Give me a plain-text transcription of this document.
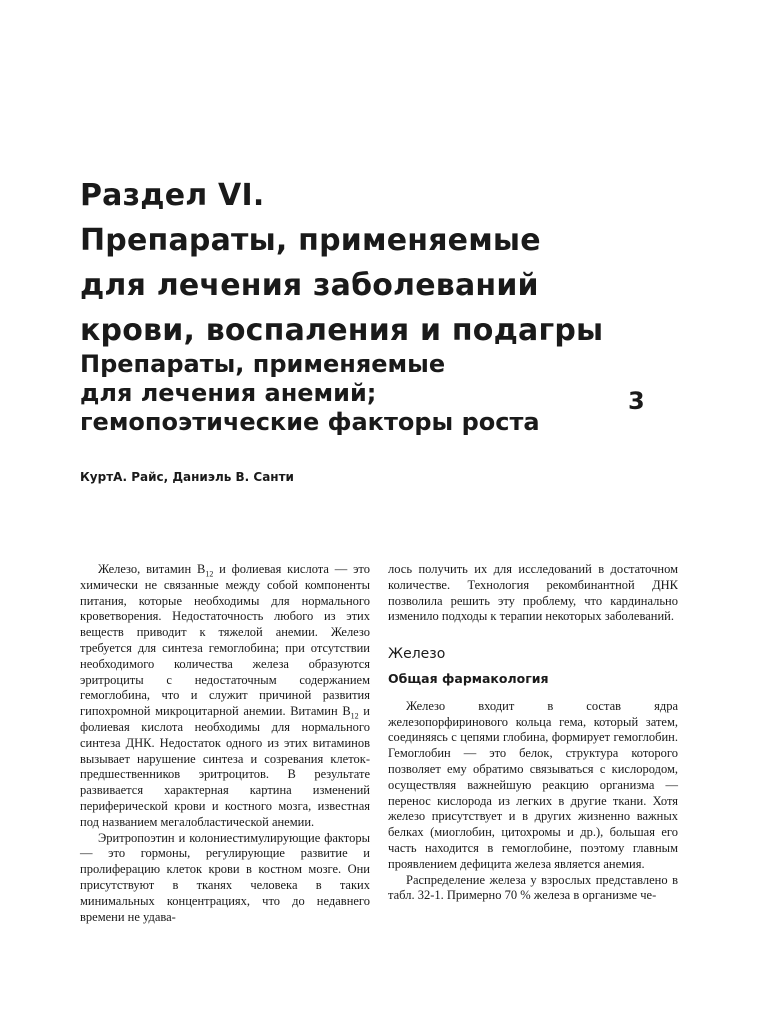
Раздел VI.
Препараты, применяемые
для лечения заболеваний
крови, воспаления и подагры
Препараты, применяемые
для лечения анемий;
гемопоэтические факторы роста
3
КуртА. Райс, Даниэль В. Санти

Железо, витамин $B_{12}$ и фолиевая кислота — это химически не связанные между собой компоненты питания, которые необходимы для нормального кроветворения. Недостаточность любого из этих веществ приводит к тяжелой анемии. Железо требуется для синтеза гемоглобина; при отсутствии необходимого количества железа образуются эритроциты с недостаточным содержанием гемоглобина, что и служит причиной развития гипохромной микроцитарной анемии. Витамин $B_{12}$ и фолиевая кислота необходимы для нормального синтеза ДНК. Недостаток одного из этих витаминов вызывает нарушение синтеза и созревания клеток-предшественников эритроцитов. В результате развивается характерная картина изменений периферической крови и костного мозга, известная под названием мегалобластической анемии.

Эритропоэтин и колониестимулирующие факторы — это гормоны, регулирующие развитие и пролиферацию клеток крови в костном мозге. Они присутствуют в тканях человека в таких минимальных концентрациях, что до недавнего времени не удава-

лось получить их для исследований в достаточном количестве. Технология рекомбинантной ДНК позволила решить эту проблему, что кардинально изменило подходы к терапии некоторых заболеваний.

Железо
Общая фармакология

Железо входит в состав ядра железопорфиринового кольца гема, который затем, соединяясь с цепями глобина, формирует гемоглобин. Гемоглобин — это белок, структура которого позволяет ему обратимо связываться с кислородом, осуществляя важнейшую реакцию организма — перенос кислорода из легких в другие ткани. Хотя железо присутствует и в других жизненно важных белках (миоглобин, цитохромы и др.), большая его часть находится в гемоглобине, поэтому главным проявлением дефицита железа является анемия.

Распределение железа у взрослых представлено в табл. 32-1. Примерно 70 % железа в организме че-
